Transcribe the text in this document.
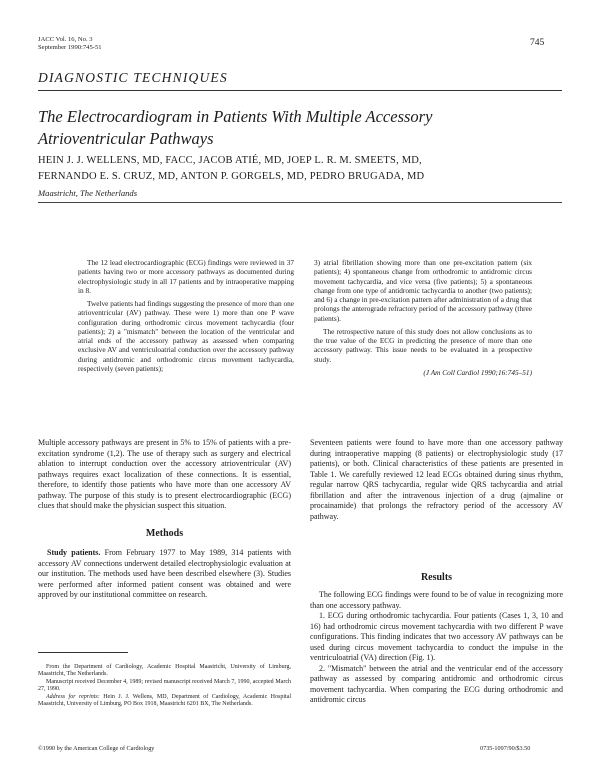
JACC Vol. 16, No. 3
September 1990:745-51	745
DIAGNOSTIC TECHNIQUES
The Electrocardiogram in Patients With Multiple Accessory
Atrioventricular Pathways
HEIN J. J. WELLENS, MD, FACC, JACOB ATIÉ, MD, JOEP L. R. M. SMEETS, MD,
FERNANDO E. S. CRUZ, MD, ANTON P. GORGELS, MD, PEDRO BRUGADA, MD
Maastricht, The Netherlands

The 12 lead electrocardiographic (ECG) findings were reviewed in 37 patients having two or more accessory pathways as documented during electrophysiologic study in all 17 patients and by intraoperative mapping in 8.

Twelve patients had findings suggesting the presence of more than one atrioventricular (AV) pathway. These were 1) more than one P wave configuration during orthodromic circus movement tachycardia (four patients); 2) a "mismatch" between the location of the ventricular and atrial ends of the accessory pathway as assessed when comparing exclusive AV and ventriculoatrial conduction over the accessory pathway during antidromic and orthodromic circus movement tachycardia, respectively (seven patients);

3) atrial fibrillation showing more than one pre-excitation pattern (six patients); 4) spontaneous change from orthodromic to antidromic circus movement tachycardia, and vice versa (five patients); 5) a spontaneous change from one type of antidromic tachycardia to another (two patients); and 6) a change in pre-excitation pattern after administration of a drug that prolongs the anterograde refractory period of the accessory pathway (three patients).

The retrospective nature of this study does not allow conclusions as to the true value of the ECG in predicting the presence of more than one accessory pathway. This issue needs to be evaluated in a prospective study.

(J Am Coll Cardiol 1990;16:745–51)

Multiple accessory pathways are present in 5% to 15% of patients with a pre-excitation syndrome (1,2). The use of therapy such as surgery and electrical ablation to interrupt conduction over the accessory atrioventricular (AV) pathways requires exact localization of these connections. It is essential, therefore, to identify those patients who have more than one accessory AV pathway. The purpose of this study is to present electrocardiographic (ECG) clues that should make the physician suspect this situation.

Methods

Study patients. From February 1977 to May 1989, 314 patients with accessory AV connections underwent detailed electrophysiologic evaluation at our institution. The methods used have been described elsewhere (3). Studies were performed after informed patient consent was obtained and were approved by our institutional committee on research.

From the Department of Cardiology, Academic Hospital Maastricht, University of Limburg, Maastricht, The Netherlands.

Manuscript received December 4, 1989; revised manuscript received March 7, 1990, accepted March 27, 1990.

Address for reprints: Hein J. J. Wellens, MD, Department of Cardiology, Academic Hospital Maastricht, University of Limburg, PO Box 1918, Maastricht 6201 BX, The Netherlands.

Seventeen patients were found to have more than one accessory pathway during intraoperative mapping (8 patients) or electrophysiologic study (17 patients), or both. Clinical characteristics of these patients are presented in Table 1. We carefully reviewed 12 lead ECGs obtained during sinus rhythm, regular narrow QRS tachycardia, regular wide QRS tachycardia and atrial fibrillation and after the intravenous injection of a drug (ajmaline or procainamide) that prolongs the refractory period of the accessory AV pathway.

Results

The following ECG findings were found to be of value in recognizing more than one accessory pathway.

1. ECG during orthodromic tachycardia. Four patients (Cases 1, 3, 10 and 16) had orthodromic circus movement tachycardia with two different P wave configurations. This finding indicates that two accessory AV pathways can be used during circus movement tachycardia to conduct the impulse in the ventriculoatrial (VA) direction (Fig. 1).

2. "Mismatch" between the atrial and the ventricular end of the accessory pathway as assessed by comparing antidromic and orthodromic circus movement tachycardia. When comparing the ECG during orthodromic and antidromic circus

©1990 by the American College of Cardiology	0735-1097/90/$3.50
